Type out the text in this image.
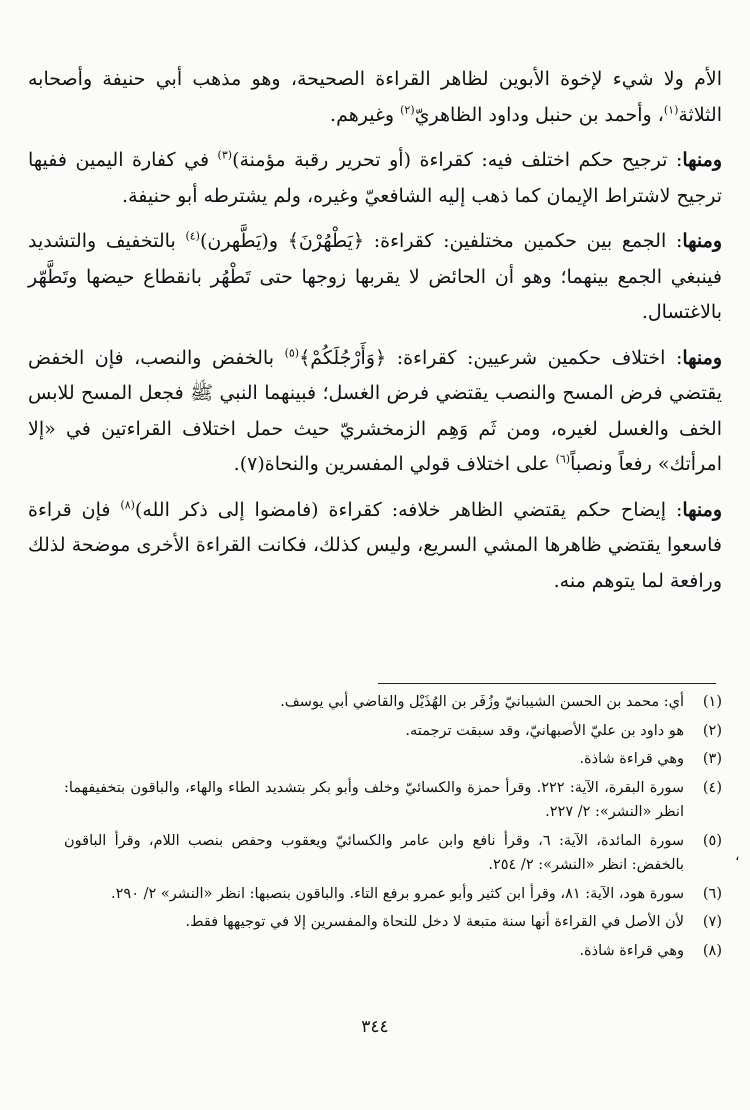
الأم ولا شيء لإخوة الأبوين لظاهر القراءة الصحيحة، وهو مذهب أبي حنيفة وأصحابه الثلاثة$^{(١)}$، وأحمد بن حنبل وداود الظاهريّ$^{(٢)}$ وغيرهم.

ومنها: ترجيح حكم اختلف فيه: كقراءة (أو تحرير رقبة مؤمنة)$^{(٣)}$ في كفارة اليمين ففيها ترجيح لاشتراط الإيمان كما ذهب إليه الشافعيّ وغيره، ولم يشترطه أبو حنيفة.

ومنها: الجمع بين حكمين مختلفين: كقراءة: ﴿يَطْهُرْنَ﴾ و(يَطَّهرن)$^{(٤)}$ بالتخفيف والتشديد فينبغي الجمع بينهما؛ وهو أن الحائض لا يقربها زوجها حتى تَطْهُر بانقطاع حيضها وتَطَّهّر بالاغتسال.

ومنها: اختلاف حكمين شرعيين: كقراءة: ﴿وَأَرْجُلَكُمْ﴾$^{(٥)}$ بالخفض والنصب، فإن الخفض يقتضي فرض المسح والنصب يقتضي فرض الغسل؛ فبينهما النبي ﷺ فجعل المسح للابس الخف والغسل لغيره، ومن ثَم وَهِم الزمخشريّ حيث حمل اختلاف القراءتين في «إلا امرأتك» رفعاً ونصباً$^{(٦)}$ على اختلاف قولي المفسرين والنحاة(٧).

ومنها: إيضاح حكم يقتضي الظاهر خلافه: كقراءة (فامضوا إلى ذكر الله)$^{(٨)}$ فإن قراءة فاسعوا يقتضي ظاهرها المشي السريع، وليس كذلك، فكانت القراءة الأخرى موضحة لذلك ورافعة لما يتوهم منه.

(١)
أي: محمد بن الحسن الشيبانيّ وزُفَر بن الهُذَيْل والقاضي أبي يوسف.
(٢)
هو داود بن عليّ الأصبهانيّ، وقد سبقت ترجمته.
(٣)
وهي قراءة شاذة.
(٤)
سورة البقرة، الآية: ٢٢٢. وقرأ حمزة والكسائيّ وخلف وأبو بكر بتشديد الطاء والهاء، والباقون بتخفيفهما: انظر «النشر»: ٢/ ٢٢٧.
(٥)
سورة المائدة، الآية: ٦، وقرأ نافع وابن عامر والكسائيّ ويعقوب وحفص بنصب اللام، وقرأ الباقون بالخفض: انظر «النشر»: ٢/ ٢٥٤.
(٦)
سورة هود، الآية: ٨١، وقرأ ابن كثير وأبو عمرو برفع التاء. والباقون بنصبها: انظر «النشر» ٢/ ٢٩٠.
(٧)
لأن الأصل في القراءة أنها سنة متبعة لا دخل للنحاة والمفسرين إلا في توجيهها فقط.
(٨)
وهي قراءة شاذة.
،
٣٤٤
